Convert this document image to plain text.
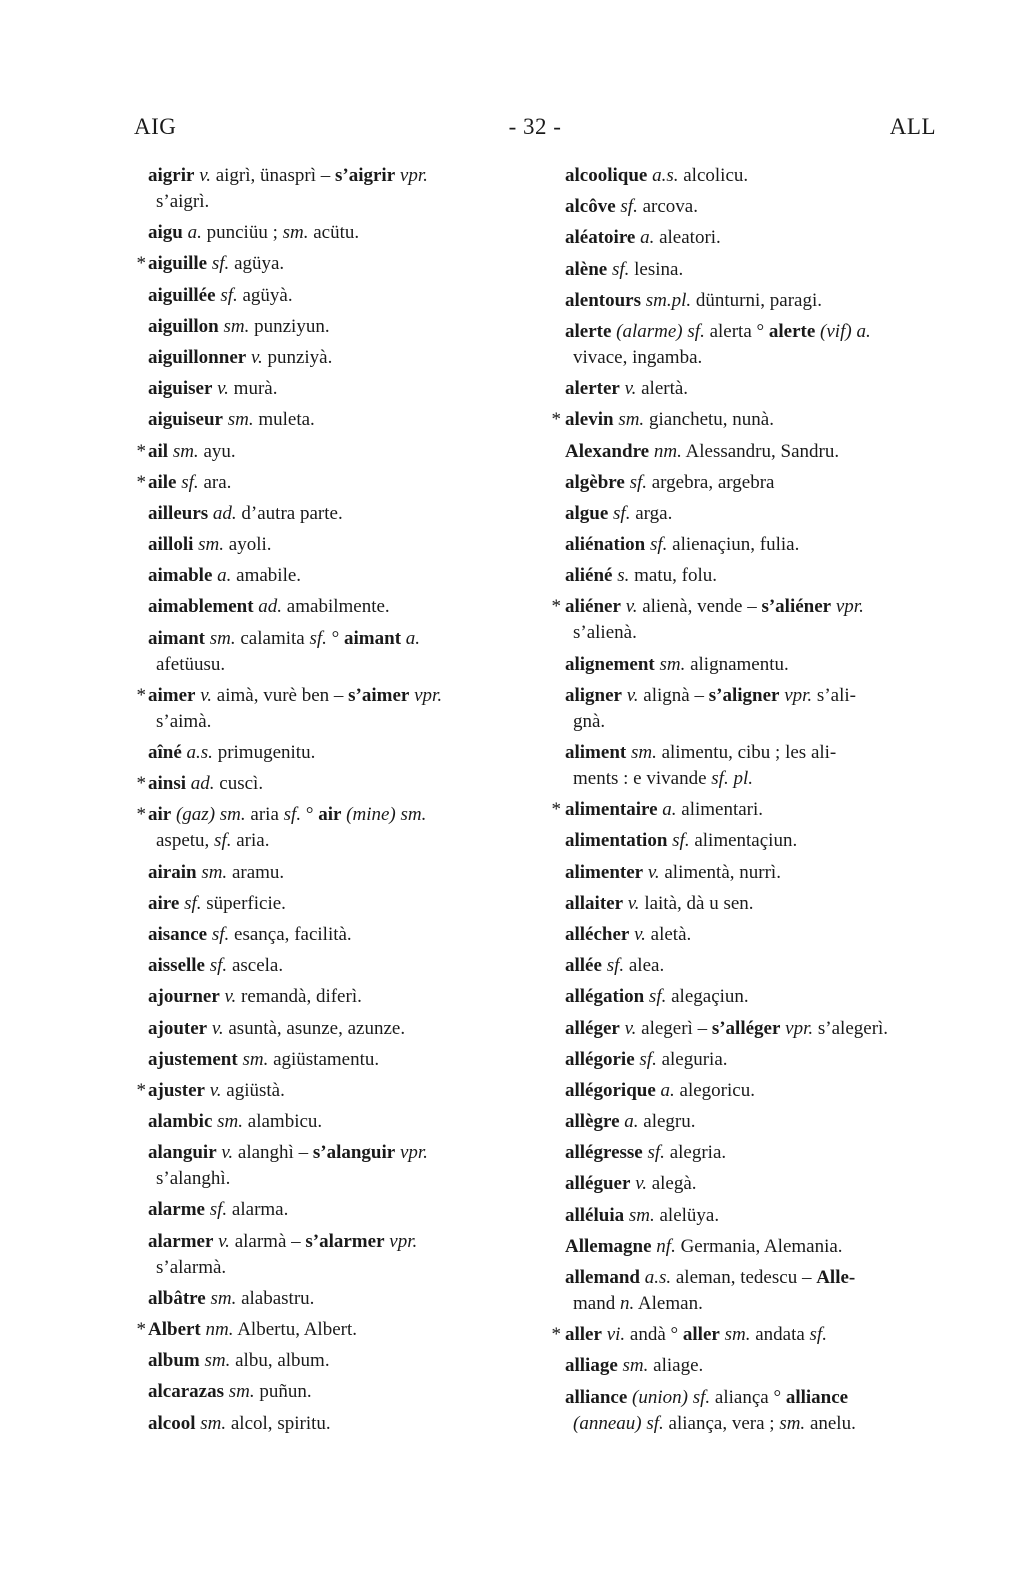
AIG	- 32 -	ALL
aigrir v. aigrì, ünasprì – s’aigrir vpr.
s’aigrì.
aigu a. punciüu ; sm. acütu.
* aiguille sf. agüya.
aiguillée sf. agüyà.
aiguillon sm. punziyun.
aiguillonner v. punziyà.
aiguiser v. murà.
aiguiseur sm. muleta.
* ail sm. ayu.
* aile sf. ara.
ailleurs ad. d’autra parte.
ailloli sm. ayoli.
aimable a. amabile.
aimablement ad. amabilmente.
aimant sm. calamita sf. ° aimant a.
afetüusu.
* aimer v. aimà, vurè ben – s’aimer vpr.
s’aimà.
aîné a.s. primugenitu.
* ainsi ad. cuscì.
* air (gaz) sm. aria sf. ° air (mine) sm.
aspetu, sf. aria.
airain sm. aramu.
aire sf. süperficie.
aisance sf. esança, facilità.
aisselle sf. ascela.
ajourner v. remandà, diferì.
ajouter v. asuntà, asunze, azunze.
ajustement sm. agiüstamentu.
* ajuster v. agiüstà.
alambic sm. alambicu.
alanguir v. alanghì – s’alanguir vpr.
s’alanghì.
alarme sf. alarma.
alarmer v. alarmà – s’alarmer vpr.
s’alarmà.
albâtre sm. alabastru.
* Albert nm. Albertu, Albert.
album sm. albu, album.
alcarazas sm. puñun.
alcool sm. alcol, spiritu.
alcoolique a.s. alcolicu.
alcôve sf. arcova.
aléatoire a. aleatori.
alène sf. lesina.
alentours sm.pl. dünturni, paragi.
alerte (alarme) sf. alerta ° alerte (vif) a.
vivace, ingamba.
alerter v. alertà.
* alevin sm. gianchetu, nunà.
Alexandre nm. Alessandru, Sandru.
algèbre sf. argebra, argebra
algue sf. arga.
aliénation sf. alienaçiun, fulia.
aliéné s. matu, folu.
* aliéner v. alienà, vende – s’aliéner vpr.
s’alienà.
alignement sm. alignamentu.
aligner v. alignà – s’aligner vpr. s’ali-
gnà.
aliment sm. alimentu, cibu ; les ali-
ments : e vivande sf. pl.
* alimentaire a. alimentari.
alimentation sf. alimentaçiun.
alimenter v. alimentà, nurrì.
allaiter v. laità, dà u sen.
allécher v. aletà.
allée sf. alea.
allégation sf. alegaçiun.
alléger v. alegerì – s’alléger vpr. s’alegerì.
allégorie sf. aleguria.
allégorique a. alegoricu.
allègre a. alegru.
allégresse sf. alegria.
alléguer v. alegà.
alléluia sm. alelüya.
Allemagne nf. Germania, Alemania.
allemand a.s. aleman, tedescu – Alle-
mand n. Aleman.
* aller vi. andà ° aller sm. andata sf.
alliage sm. aliage.
alliance (union) sf. aliança ° alliance
(anneau) sf. aliança, vera ; sm. anelu.
